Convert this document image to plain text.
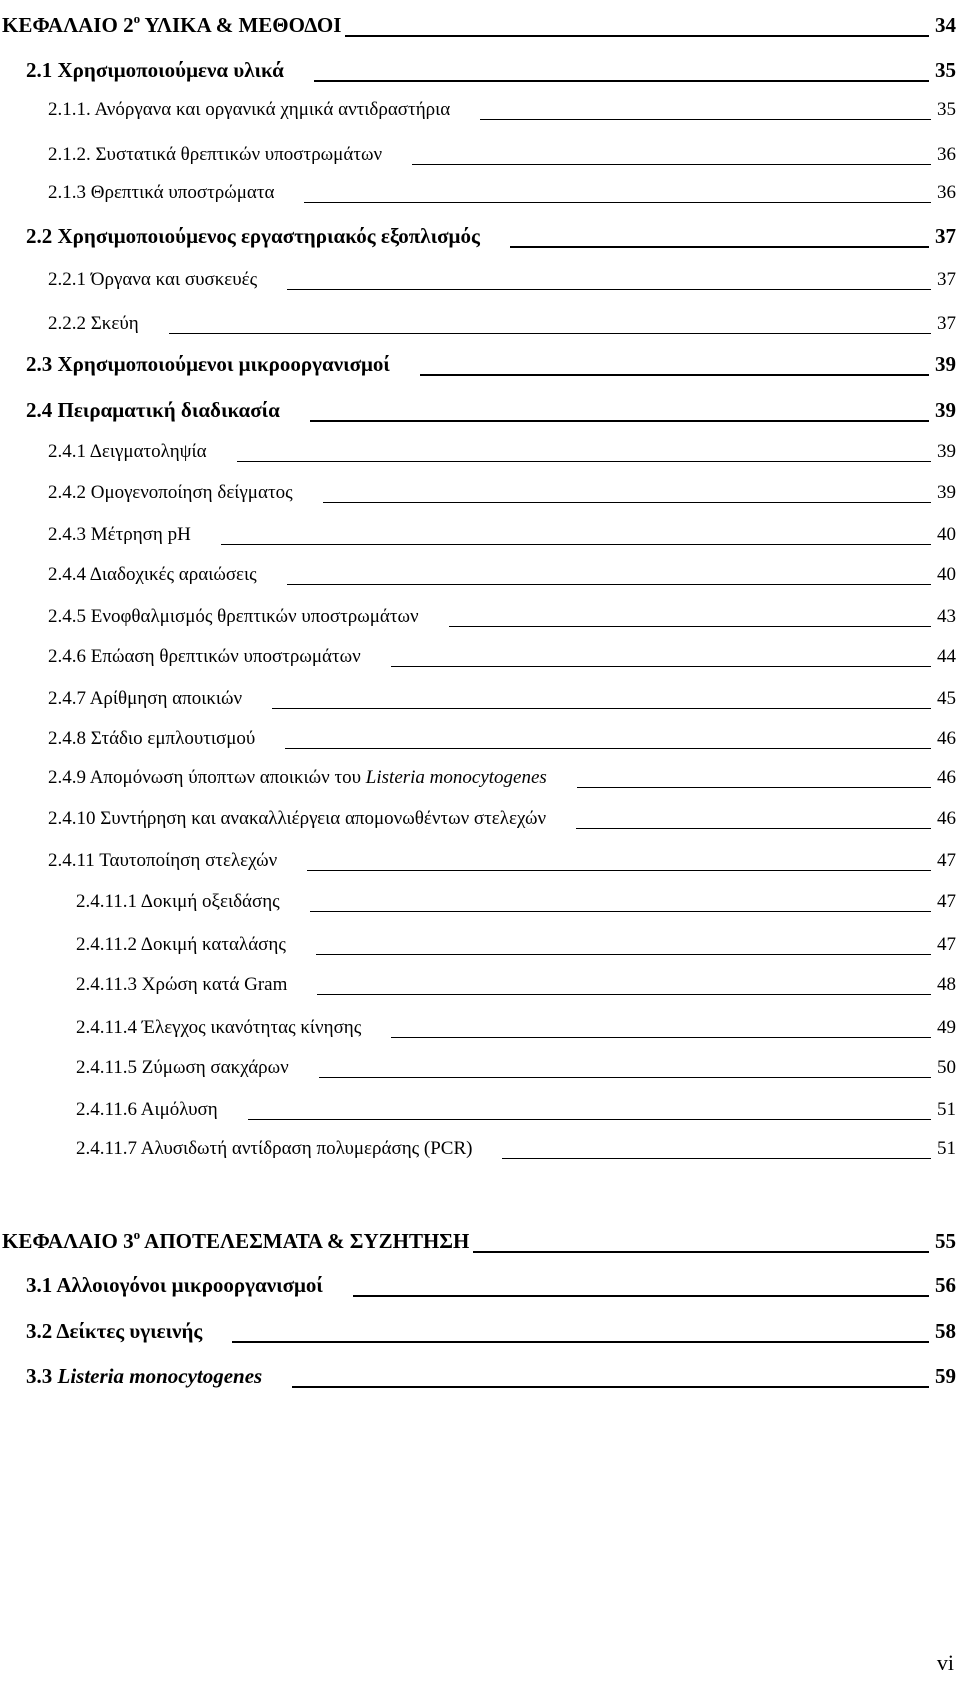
ΚΕΦΑΛΑΙΟ $2^o$ ΥΛΙΚΑ & ΜΕΘΟΔΟΙ	34
2.1 Χρησιμοποιούμενα υλικά	35
2.1.1. Ανόργανα και οργανικά χημικά αντιδραστήρια	35
2.1.2. Συστατικά θρεπτικών υποστρωμάτων	36
2.1.3 Θρεπτικά υποστρώματα	36
2.2 Χρησιμοποιούμενος εργαστηριακός εξοπλισμός	37
2.2.1 Όργανα και συσκευές	37
2.2.2 Σκεύη	37
2.3 Χρησιμοποιούμενοι μικροοργανισμοί	39
2.4 Πειραματική διαδικασία	39
2.4.1 Δειγματοληψία	39
2.4.2 Ομογενοποίηση δείγματος	39
2.4.3 Μέτρηση pH	40
2.4.4 Διαδοχικές αραιώσεις	40
2.4.5 Ενοφθαλμισμός θρεπτικών υποστρωμάτων	43
2.4.6 Επώαση θρεπτικών υποστρωμάτων	44
2.4.7 Αρίθμηση αποικιών	45
2.4.8 Στάδιο εμπλουτισμού	46
2.4.9 Απομόνωση ύποπτων αποικιών του Listeria monocytogenes	46
2.4.10 Συντήρηση και ανακαλλιέργεια απομονωθέντων στελεχών	46
2.4.11 Ταυτοποίηση στελεχών	47
2.4.11.1 Δοκιμή οξειδάσης	47
2.4.11.2 Δοκιμή καταλάσης	47
2.4.11.3 Χρώση κατά Gram	48
2.4.11.4 Έλεγχος ικανότητας κίνησης	49
2.4.11.5 Ζύμωση σακχάρων	50
2.4.11.6 Αιμόλυση	51
2.4.11.7 Αλυσιδωτή αντίδραση πολυμεράσης (PCR)	51
ΚΕΦΑΛΑΙΟ $3^o$ ΑΠΟΤΕΛΕΣΜΑΤΑ & ΣΥΖΗΤΗΣΗ	55
3.1 Αλλοιογόνοι μικροοργανισμοί	56
3.2 Δείκτες υγιεινής	58
3.3 Listeria monocytogenes	59
vi
